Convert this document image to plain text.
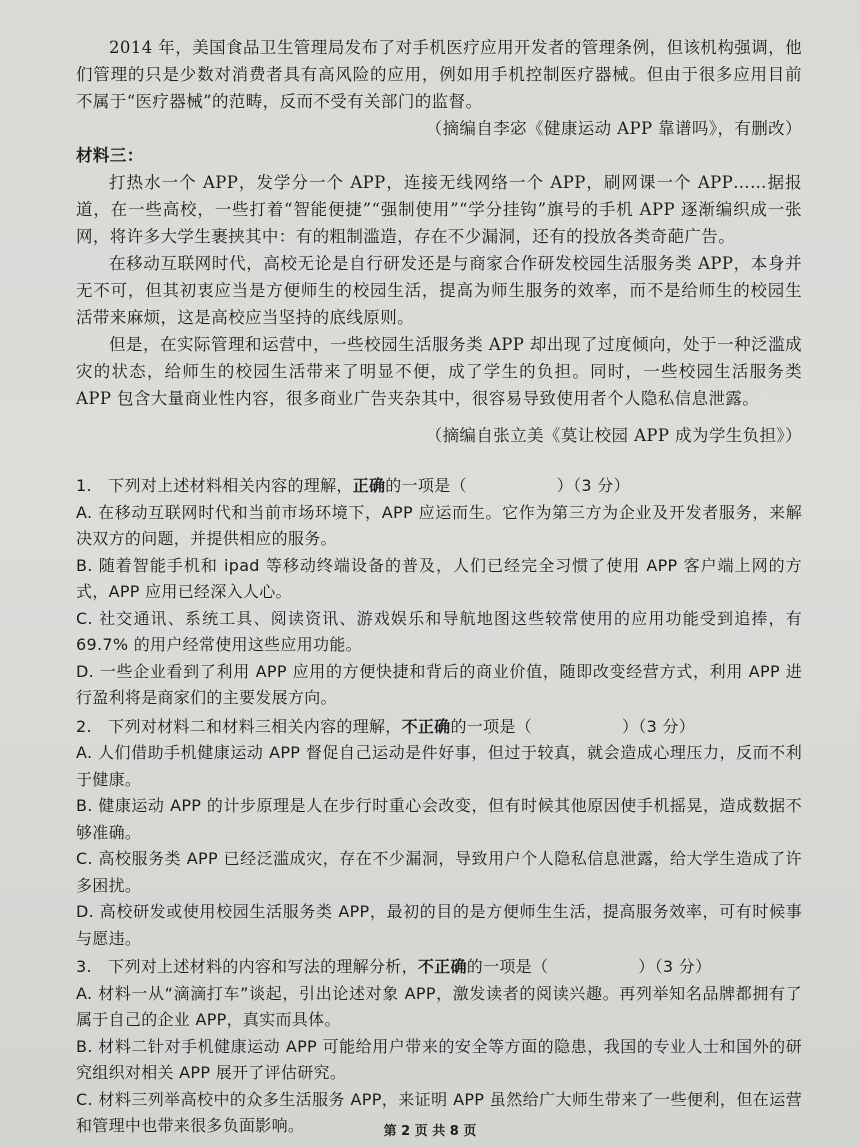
2014 年，美国食品卫生管理局发布了对手机医疗应用开发者的管理条例，但该机构强调，他们管理的只是少数对消费者具有高风险的应用，例如用手机控制医疗器械。但由于很多应用目前不属于“医疗器械”的范畴，反而不受有关部门的监督。

（摘编自李宓《健康运动 APP 靠谱吗》，有删改）

材料三：

打热水一个 APP，发学分一个 APP，连接无线网络一个 APP，刷网课一个 APP……据报道，在一些高校，一些打着“智能便捷”“强制使用”“学分挂钩”旗号的手机 APP 逐渐编织成一张网，将许多大学生裹挟其中：有的粗制滥造，存在不少漏洞，还有的投放各类奇葩广告。

在移动互联网时代，高校无论是自行研发还是与商家合作研发校园生活服务类 APP，本身并无不可，但其初衷应当是方便师生的校园生活，提高为师生服务的效率，而不是给师生的校园生活带来麻烦，这是高校应当坚持的底线原则。

但是，在实际管理和运营中，一些校园生活服务类 APP 却出现了过度倾向，处于一种泛滥成灾的状态，给师生的校园生活带来了明显不便，成了学生的负担。同时，一些校园生活服务类 APP 包含大量商业性内容，很多商业广告夹杂其中，很容易导致使用者个人隐私信息泄露。

（摘编自张立美《莫让校园 APP 成为学生负担》）

1.　下列对上述材料相关内容的理解，正确的一项是（	）（3 分）

A. 在移动互联网时代和当前市场环境下，APP 应运而生。它作为第三方为企业及开发者服务，来解决双方的问题，并提供相应的服务。

B. 随着智能手机和 ipad 等移动终端设备的普及，人们已经完全习惯了使用 APP 客户端上网的方式，APP 应用已经深入人心。

C. 社交通讯、系统工具、阅读资讯、游戏娱乐和导航地图这些较常使用的应用功能受到追捧，有 69.7% 的用户经常使用这些应用功能。

D. 一些企业看到了利用 APP 应用的方便快捷和背后的商业价值，随即改变经营方式，利用 APP 进行盈利将是商家们的主要发展方向。

2.　下列对材料二和材料三相关内容的理解，不正确的一项是（	）（3 分）

A. 人们借助手机健康运动 APP 督促自己运动是件好事，但过于较真，就会造成心理压力，反而不利于健康。

B. 健康运动 APP 的计步原理是人在步行时重心会改变，但有时候其他原因使手机摇晃，造成数据不够准确。

C. 高校服务类 APP 已经泛滥成灾，存在不少漏洞，导致用户个人隐私信息泄露，给大学生造成了许多困扰。

D. 高校研发或使用校园生活服务类 APP，最初的目的是方便师生生活，提高服务效率，可有时候事与愿违。

3.　下列对上述材料的内容和写法的理解分析，不正确的一项是（	）（3 分）

A. 材料一从“滴滴打车”谈起，引出论述对象 APP，激发读者的阅读兴趣。再列举知名品牌都拥有了属于自己的企业 APP，真实而具体。

B. 材料二针对手机健康运动 APP 可能给用户带来的安全等方面的隐患，我国的专业人士和国外的研究组织对相关 APP 展开了评估研究。

C. 材料三列举高校中的众多生活服务 APP，来证明 APP 虽然给广大师生带来了一些便利，但在运营和管理中也带来很多负面影响。	第 2 页 共 8 页
